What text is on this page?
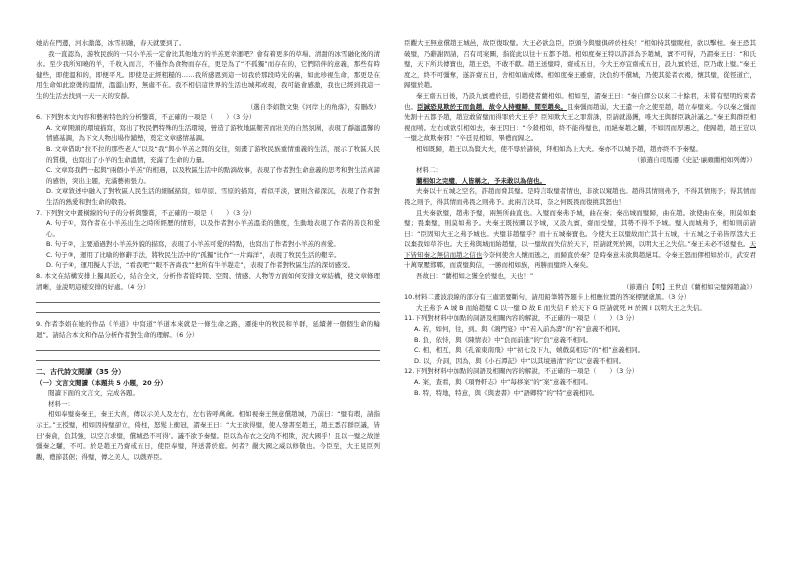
她站在門邊，河水激蕩，冰雪初融，春天就要到了。

我一直認為，游牧民族的一只小羊羔一定會比其他地方的羊羔更幸運吧？會有着更多的草場、清甜的冰雪融化後的清水。至少我所知曉的羊，千收入而言，不僅作為食物而存在，更是為了“不孤獨”而存在的，它們陪伴的意義，那些有時健些，即使溫和的，即便平凡。即使是正經粗糙的……我所感恩到這一切我於那段時光的裏，如此珍視生命，那更是在用生命如此滾燙的溫情，溫澀山野，無處不在。我不相信這世界的生活也城邦或現，我可能會感激，我也已經到我這一生的生活去找到一天一天的安靜。

（選自李娟散文集《河岸上的角落》，有刪改）

6. 下列對本文內容和藝術特色的分析鑒賞，不正確的一項是（　　）（3 分）

A. 文章開頭的環境描寫，寫出了牧民們特殊的生活環境，營造了游牧地區艱苦而壯美的自然氛圍，表現了靜謐溫馨的情感基調，為下文人物出場作鋪墊，奠定文章感情基調。

B. 文章借助“拉不拉的那些老人”以及“我”與小羊羔之間的交往，刻畫了游牧民族重情重義的生活，展示了牧區人民的質樸，也寫出了小羊的生命溫情，充滿了生命的力量。

C. 文章寫我們一起與“兩個小羊羔”的相遇，以及牧區生活中的點滴故事，表現了作者對生命意義的思考和對生活真諦的感悟，突出主題，充滿藝術張力。

D. 文章敘述中融入了對牧區人民生活的細膩描寫，如草原、雪原的描寫，看似平淡，實則含蓄深沉，表現了作者對生活的熱愛和對生命的敬畏。

7. 下列對文中畫橫線的句子的分析與鑒賞，不正確的一項是（　　）（3 分）

A. 句子①，寫作者在小羊羔出生之時所經歷的情形，以及作者對小羊羔溫柔的態度，生動地表現了作者的善良和愛心。

B. 句子②，主要通過對小羊羔外貌的描寫，表現了小羊羔可愛的特點，也寫出了作者對小羊羔的喜愛。

C. 句子③，運用了比喻的修辭手法，將牧民生活中的“孤獨”比作“一片海洋”，表現了牧民生活的艱辛。

D. 句子④，運用擬人手法，“看我吧”“眼不吝嗇我”“把所有牛羊趕走”，表現了作者對牧區生活的深切感受。

8. 本文在結構安排上獨具匠心，結合全文，分析作者從時間、空間、情感、人物等方面如何安排文章結構，使文章條理清晰，並說明這樣安排的好處。（4 分）

9. 作者李娟在她的作品《羊道》中寫道“羊道本來就是一條生命之路，遷徙中的牧民和羊群，延續著一個個生命的輪迴”。請結合本文和作品分析作者對生命的理解。（6 分）

二、古代詩文閱讀（35 分）

（一）文言文閱讀（本題共 5 小題，20 分）

閱讀下面的文言文，完成各題。

材料一：

相如奉璧奏秦王，秦王大喜，傳以示美人及左右，左右皆呼萬歲。相如視秦王無意償趙城，乃前曰：“璧有瑕，請指示王。”王授璧，相如因持璧卻立，倚柱，怒髮上衝冠，謂秦王曰：“大王欲得璧，使人發書至趙王，趙王悉召群臣議，皆曰‘秦貪，負其強，以空言求璧，償城恐不可得’。議不欲予秦璧。臣以為布衣之交尚不相欺，況大國乎！且以一璧之故逆彊秦之驩，不可。於是趙王乃齋戒五日，使臣奉璧，拜送書於庭。何者？嚴大國之威以修敬也。今臣至，大王見臣列觀，禮節甚倨；得璧，傳之美人，以戲弄臣。

臣觀大王無意償趙王城邑，故臣復取璧。大王必欲急臣，臣頭今與璧俱碎於柱矣！”相如持其璧睨柱，欲以擊柱。秦王恐其破璧，乃辭謝固請，召有司案圖，指從此以往十五都予趙。相如度秦王特以詐詳為予趙城，實不可得，乃謂秦王曰：“和氏璧，天下所共傳寶也，趙王恐，不敢不獻。趙王送璧時，齋戒五日，今大王亦宜齋戒五日，設九賓於廷，臣乃敢上璧。”秦王度之，終不可彊奪，遂許齋五日，舍相如廣成傳。相如度秦王雖齋，決負約不償城，乃使其從者衣褐，懷其璧，從徑道亡，歸璧於趙。

秦王齋五日後，乃設九賓禮於廷，引趙使者藺相如。相如至，謂秦王曰：“秦自繆公以來二十餘君，未嘗有堅明約束者也。臣誠恐見欺於王而負趙，故令人持璧歸，間至趙矣。且秦彊而趙弱，大王遣一介之使至趙，趙立奉璧來。今以秦之彊而先割十五都予趙，趙豈敢留璧而得罪於大王乎？臣知欺大王之罪當誅，臣請就湯鑊，唯大王與群臣孰計議之。”秦王與群臣相視而嘻。左右或欲引相如去，秦王因曰：“今殺相如，終不能得璧也，而絕秦趙之驩，不如因而厚遇之，使歸趙，趙王豈以一璧之故欺秦邪！”卒廷見相如，畢禮而歸之。

相如既歸，趙王以為賢大夫，使不辱於諸侯，拜相如為上大夫。秦亦不以城予趙，趙亦終不予秦璧。

（節選自司馬遷《史記·廉頗藺相如列傳》）

材料二：

藺相如之完璧，人皆稱之，予未敢以為信也。

夫秦以十五城之空名，詐趙而脅其璧。是時言取璧者情也，非欲以窺趙也。趙得其情則弗予，不得其情則予；得其情而畏之則予，得其情而弗畏之則弗予。此兩言決耳，奈之何既畏而復挑其怒也！

且夫秦欲璧，趙弗予璧，兩無所曲直也。入璧而秦弗予城，曲在秦；秦出城而璧歸，曲在趙。欲使曲在秦，則莫如棄璧；畏棄璧，則莫如弗予。夫秦王既按圖以予城，又設九賓，齋而受璧，其勢不得不予城。璧入而城弗予，相如則前請曰：“臣固知大王之弗予城也。夫璧非趙璧乎？而十五城秦寶也。今使大王以璧故而亡其十五城，十五城之子弟皆厚怨大王以棄我如草芥也。大王弗與城而紿趙璧，以一璧故而失信於天下，臣請就死於國，以明大王之失信。”秦王未必不返璧也。天下皆知秦之無信而趙之信也今奈何使舍人懷而逃之，而歸直於秦？是時秦意未欲與趙絕耳。令秦王怒而僇相如於市，武安君十萬眾壓邯鄲，而責璧與信，一勝而相如族，再勝而璧終入秦矣。

吾故曰：“藺相如之獲全於璧也，天也！”

（節選自【明】王世貞《藺相如完璧歸趙論》）

10.材料二畫波浪線的部分有三處需要斷句，請用鉛筆將答題卡上相應位置的答案標號塗黑。（3 分）

大王弗予 A 城 B 而紿趙璧 C 以一璧 D 故 E 而失信 F 於天下 G 臣請就死 H 於國 I 以明大王之失信。

11.下列對材料中加點的詞語及相關內容的解說，不正確的一項是（　　）（3 分）

A. 若，如何，往，到。與《鴻門宴》中“若入前為壽”的“若”意義不相同。

B. 負，依恃，與《陳情表》中“負而前進”的“負”意義不相同。

C. 相，相互，與《孔雀東南飛》中“初七及下九，嬉戲莫相忘”的“相”意義相同。

D. 以，介詞，因為，與《小石潭記》中“以其境過清”的“以”意義不相同。

12.下列對材料中加點的詞語及相關內容的解說，不正確的一項是（　　）（3 分）

A. 案，查看，與《項脊軒志》中“每移案”的“案”意義不相同。

B. 特，特地，特意，與《與妻書》中“語卿特”的“特”意義相同。
